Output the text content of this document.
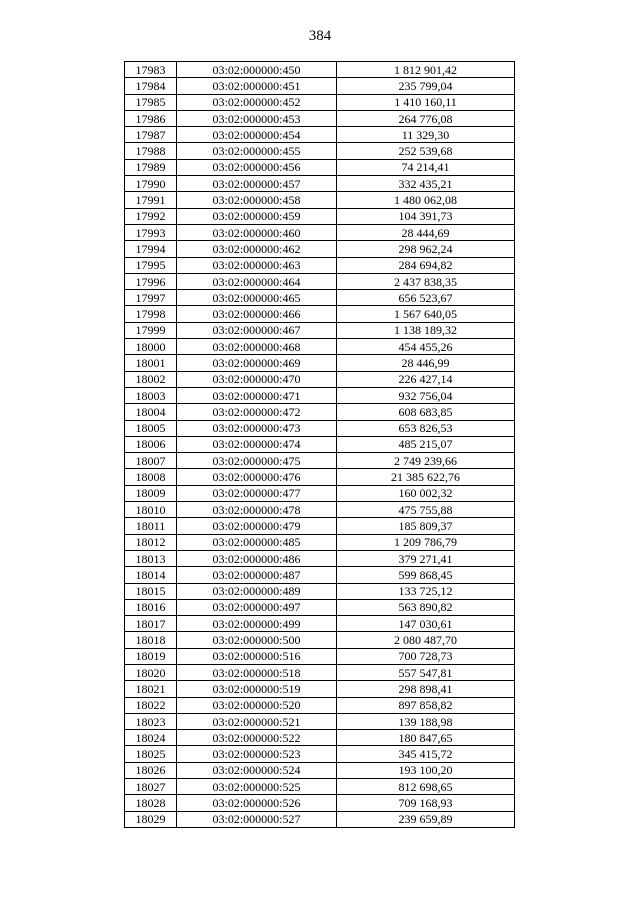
384
17983	03:02:000000:450	1 812 901,42
17984	03:02:000000:451	235 799,04
17985	03:02:000000:452	1 410 160,11
17986	03:02:000000:453	264 776,08
17987	03:02:000000:454	11 329,30
17988	03:02:000000:455	252 539,68
17989	03:02:000000:456	74 214,41
17990	03:02:000000:457	332 435,21
17991	03:02:000000:458	1 480 062,08
17992	03:02:000000:459	104 391,73
17993	03:02:000000:460	28 444,69
17994	03:02:000000:462	298 962,24
17995	03:02:000000:463	284 694,82
17996	03:02:000000:464	2 437 838,35
17997	03:02:000000:465	656 523,67
17998	03:02:000000:466	1 567 640,05
17999	03:02:000000:467	1 138 189,32
18000	03:02:000000:468	454 455,26
18001	03:02:000000:469	28 446,99
18002	03:02:000000:470	226 427,14
18003	03:02:000000:471	932 756,04
18004	03:02:000000:472	608 683,85
18005	03:02:000000:473	653 826,53
18006	03:02:000000:474	485 215,07
18007	03:02:000000:475	2 749 239,66
18008	03:02:000000:476	21 385 622,76
18009	03:02:000000:477	160 002,32
18010	03:02:000000:478	475 755,88
18011	03:02:000000:479	185 809,37
18012	03:02:000000:485	1 209 786,79
18013	03:02:000000:486	379 271,41
18014	03:02:000000:487	599 868,45
18015	03:02:000000:489	133 725,12
18016	03:02:000000:497	563 890,82
18017	03:02:000000:499	147 030,61
18018	03:02:000000:500	2 080 487,70
18019	03:02:000000:516	700 728,73
18020	03:02:000000:518	557 547,81
18021	03:02:000000:519	298 898,41
18022	03:02:000000:520	897 858,82
18023	03:02:000000:521	139 188,98
18024	03:02:000000:522	180 847,65
18025	03:02:000000:523	345 415,72
18026	03:02:000000:524	193 100,20
18027	03:02:000000:525	812 698,65
18028	03:02:000000:526	709 168,93
18029	03:02:000000:527	239 659,89
